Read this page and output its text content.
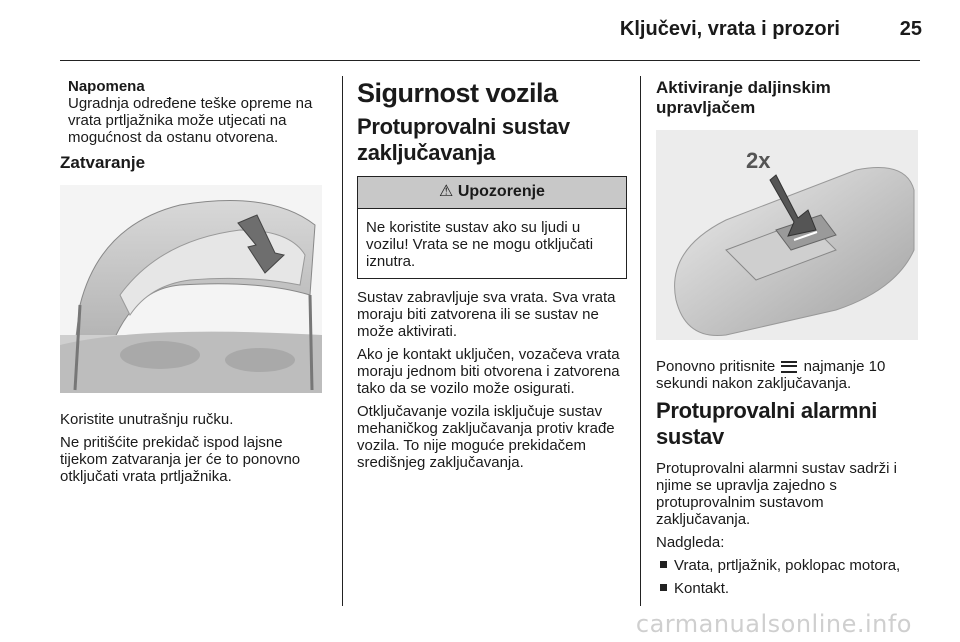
Ključevi, vrata i prozori	25
Napomena

Ugradnja određene teške opreme na vrata prtljažnika može utjecati na mogućnost da ostanu otvorena.

Zatvaranje

Koristite unutrašnju ručku.

Ne pritišćite prekidač ispod lajsne tijekom zatvaranja jer će to ponovno otključati vrata prtljažnika.

Sigurnost vozila
Protuprovalni sustav zaključavanja
⚠ Upozorenje
Ne koristite sustav ako su ljudi u vozilu! Vrata se ne mogu otključati iznutra.

Sustav zabravljuje sva vrata. Sva vrata moraju biti zatvorena ili se sustav ne može aktivirati.

Ako je kontakt uključen, vozačeva vrata moraju jednom biti otvorena i zatvorena tako da se vozilo može osigurati.

Otključavanje vozila isključuje sustav mehaničkog zaključavanja protiv krađe vozila. To nije moguće prekidačem središnjeg zaključavanja.

Aktiviranje daljinskim upravljačem
2x

Ponovno pritisnite najmanje 10 sekundi nakon zaključavanja.

Protuprovalni alarmni sustav

Protuprovalni alarmni sustav sadrži i njime se upravlja zajedno s protuprovalnim sustavom zaključavanja.

Nadgleda:

Vrata, prtljažnik, poklopac motora,
Kontakt.
carmanualsonline.info
